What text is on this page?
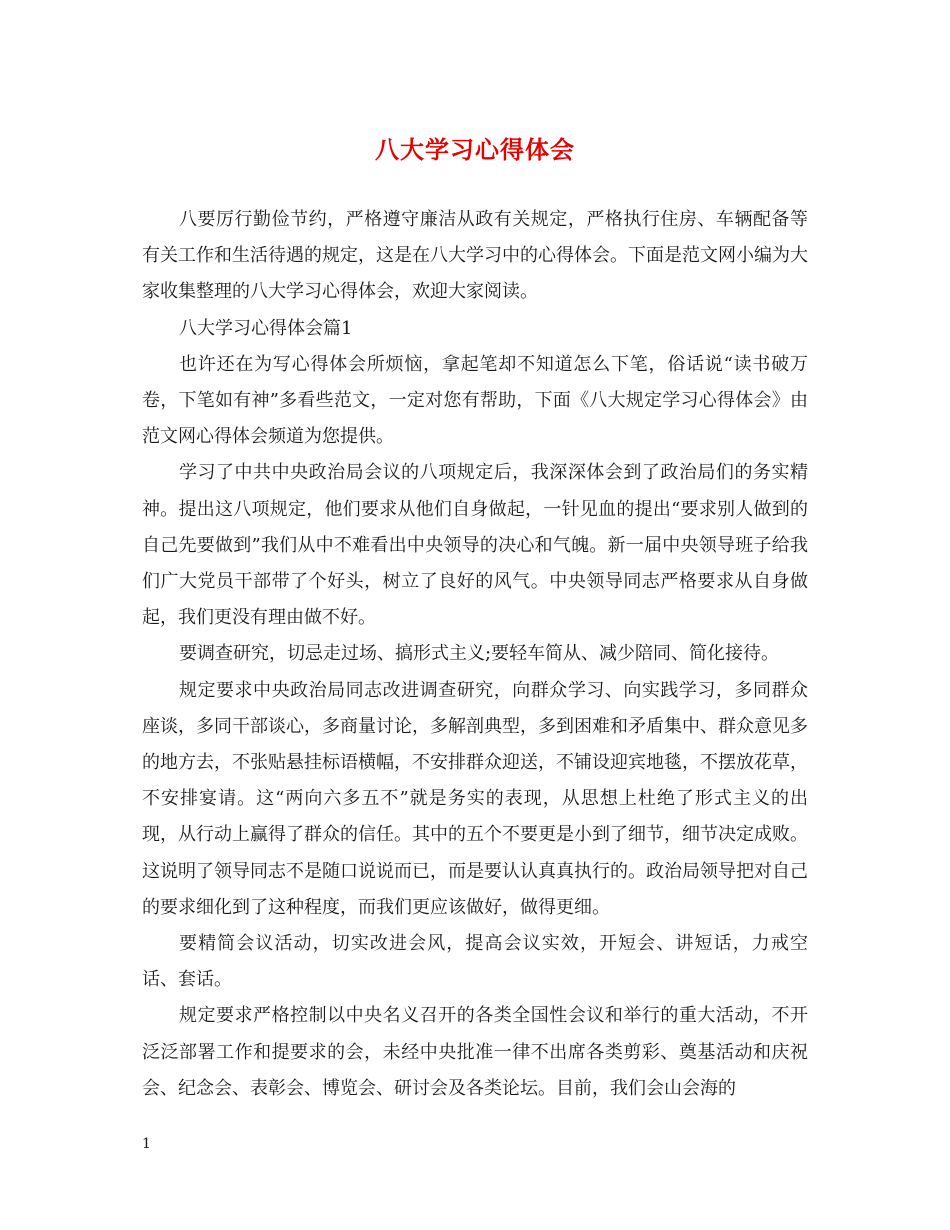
八大学习心得体会

八要厉行勤俭节约，严格遵守廉洁从政有关规定，严格执行住房、车辆配备等有关工作和生活待遇的规定，这是在八大学习中的心得体会。下面是范文网小编为大家收集整理的八大学习心得体会，欢迎大家阅读。

八大学习心得体会篇1

也许还在为写心得体会所烦恼，拿起笔却不知道怎么下笔，俗话说“读书破万卷，下笔如有神”多看些范文，一定对您有帮助，下面《八大规定学习心得体会》由范文网心得体会频道为您提供。

学习了中共中央政治局会议的八项规定后，我深深体会到了政治局们的务实精神。提出这八项规定，他们要求从他们自身做起，一针见血的提出“要求别人做到的自己先要做到”我们从中不难看出中央领导的决心和气魄。新一届中央领导班子给我们广大党员干部带了个好头，树立了良好的风气。中央领导同志严格要求从自身做起，我们更没有理由做不好。

要调查研究，切忌走过场、搞形式主义;要轻车简从、减少陪同、简化接待。

规定要求中央政治局同志改进调查研究，向群众学习、向实践学习，多同群众座谈，多同干部谈心，多商量讨论，多解剖典型，多到困难和矛盾集中、群众意见多的地方去，不张贴悬挂标语横幅，不安排群众迎送，不铺设迎宾地毯，不摆放花草，不安排宴请。这“两向六多五不”就是务实的表现，从思想上杜绝了形式主义的出现，从行动上赢得了群众的信任。其中的五个不要更是小到了细节，细节决定成败。这说明了领导同志不是随口说说而已，而是要认认真真执行的。政治局领导把对自己的要求细化到了这种程度，而我们更应该做好，做得更细。

要精简会议活动，切实改进会风，提高会议实效，开短会、讲短话，力戒空话、套话。

规定要求严格控制以中央名义召开的各类全国性会议和举行的重大活动，不开泛泛部署工作和提要求的会，未经中央批准一律不出席各类剪彩、奠基活动和庆祝会、纪念会、表彰会、博览会、研讨会及各类论坛。目前，我们会山会海的

1
